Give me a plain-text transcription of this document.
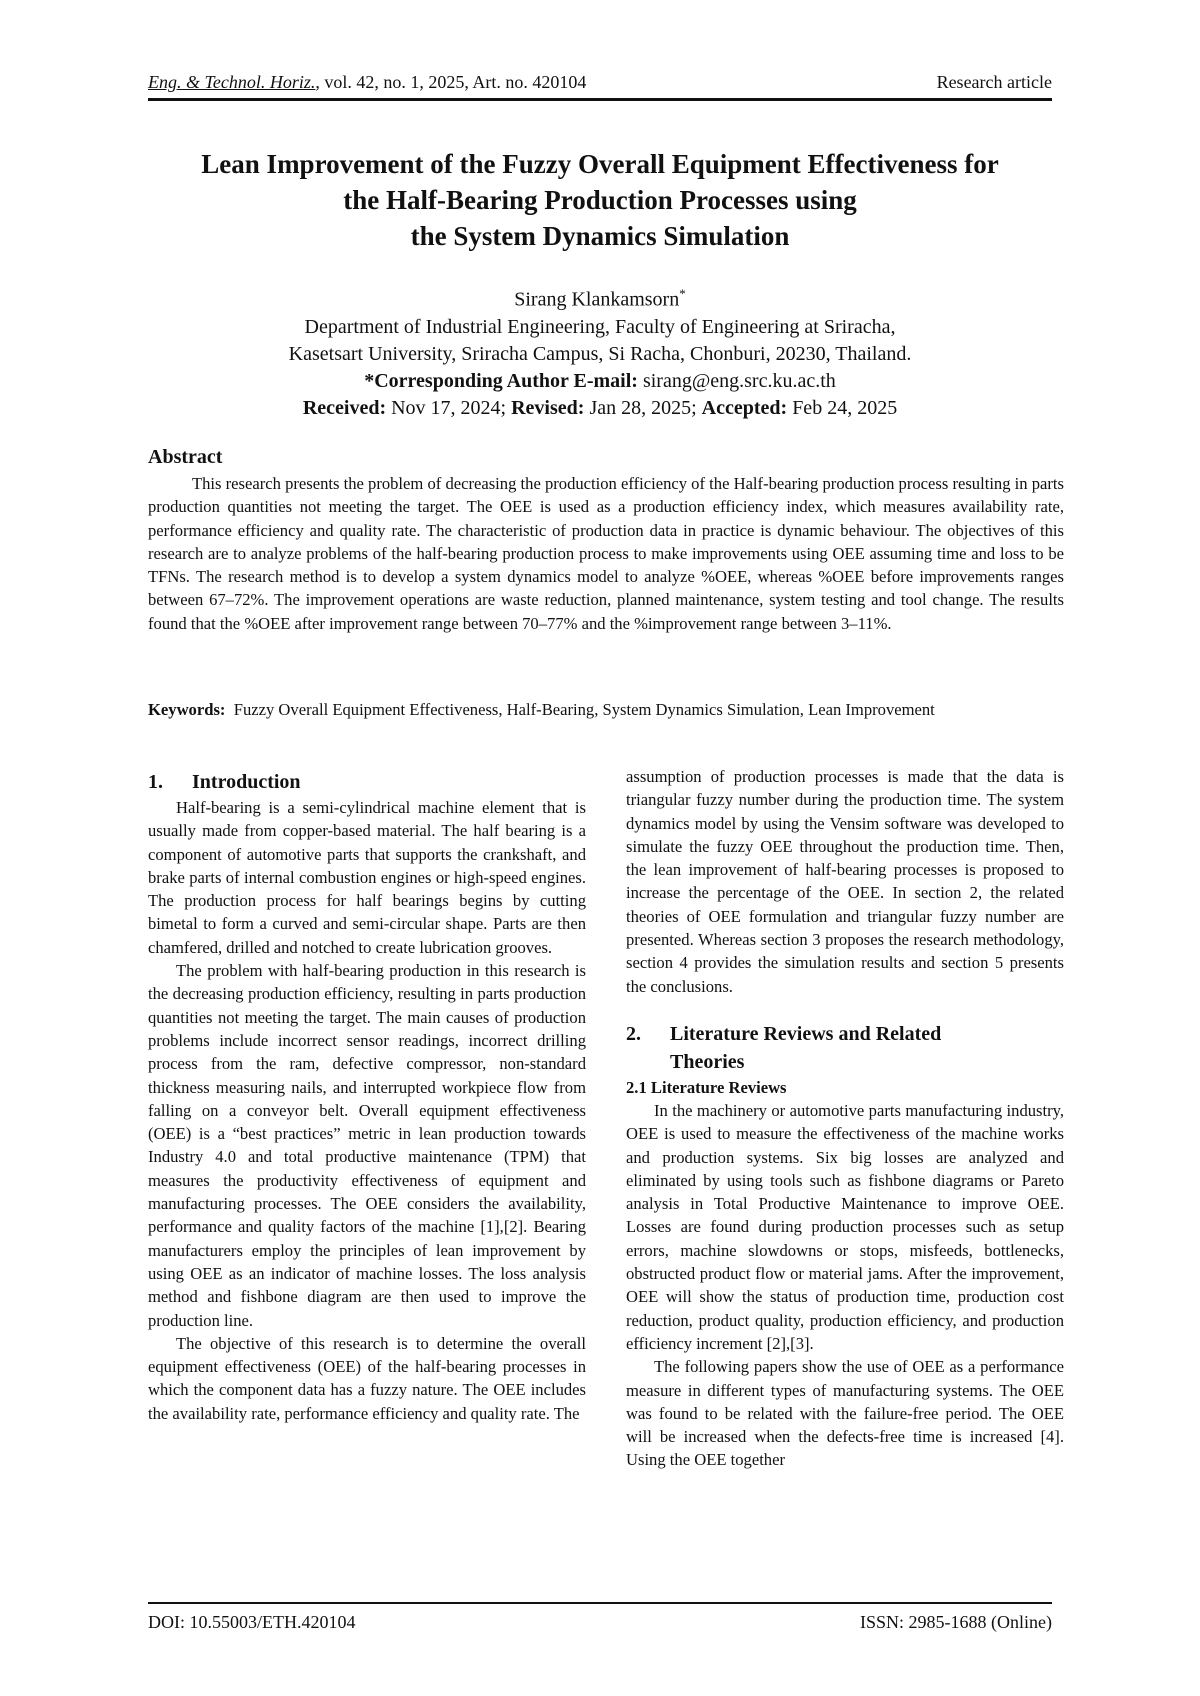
Eng. & Technol. Horiz., vol. 42, no. 1, 2025, Art. no. 420104	Research article
Lean Improvement of the Fuzzy Overall Equipment Effectiveness for
the Half-Bearing Production Processes using
the System Dynamics Simulation
Sirang Klankamsorn*
Department of Industrial Engineering, Faculty of Engineering at Sriracha,
Kasetsart University, Sriracha Campus, Si Racha, Chonburi, 20230, Thailand.
*Corresponding Author E-mail: sirang@eng.src.ku.ac.th
Received: Nov 17, 2024; Revised: Jan 28, 2025; Accepted: Feb 24, 2025
Abstract

This research presents the problem of decreasing the production efficiency of the Half-bearing production process resulting in parts production quantities not meeting the target. The OEE is used as a production efficiency index, which measures availability rate, performance efficiency and quality rate. The characteristic of production data in practice is dynamic behaviour. The objectives of this research are to analyze problems of the half-bearing production process to make improvements using OEE assuming time and loss to be TFNs. The research method is to develop a system dynamics model to analyze %OEE, whereas %OEE before improvements ranges between 67–72%. The improvement operations are waste reduction, planned maintenance, system testing and tool change. The results found that the %OEE after improvement range between 70–77% and the %improvement range between 3–11%.

Keywords: Fuzzy Overall Equipment Effectiveness, Half-Bearing, System Dynamics Simulation, Lean Improvement

1.	Introduction

Half-bearing is a semi-cylindrical machine element that is usually made from copper-based material. The half bearing is a component of automotive parts that supports the crankshaft, and brake parts of internal combustion engines or high-speed engines. The production process for half bearings begins by cutting bimetal to form a curved and semi-circular shape. Parts are then chamfered, drilled and notched to create lubrication grooves.

The problem with half-bearing production in this research is the decreasing production efficiency, resulting in parts production quantities not meeting the target. The main causes of production problems include incorrect sensor readings, incorrect drilling process from the ram, defective compressor, non-standard thickness measuring nails, and interrupted workpiece flow from falling on a conveyor belt. Overall equipment effectiveness (OEE) is a “best practices” metric in lean production towards Industry 4.0 and total productive maintenance (TPM) that measures the productivity effectiveness of equipment and manufacturing processes. The OEE considers the availability, performance and quality factors of the machine [1],[2]. Bearing manufacturers employ the principles of lean improvement by using OEE as an indicator of machine losses. The loss analysis method and fishbone diagram are then used to improve the production line.

The objective of this research is to determine the overall equipment effectiveness (OEE) of the half-bearing processes in which the component data has a fuzzy nature. The OEE includes the availability rate, performance efficiency and quality rate. The

assumption of production processes is made that the data is triangular fuzzy number during the production time. The system dynamics model by using the Vensim software was developed to simulate the fuzzy OEE throughout the production time. Then, the lean improvement of half-bearing processes is proposed to increase the percentage of the OEE. In section 2, the related theories of OEE formulation and triangular fuzzy number are presented. Whereas section 3 proposes the research methodology, section 4 provides the simulation results and section 5 presents the conclusions.

2.	Literature Reviews and Related
Theories

2.1 Literature Reviews

In the machinery or automotive parts manufacturing industry, OEE is used to measure the effectiveness of the machine works and production systems. Six big losses are analyzed and eliminated by using tools such as fishbone diagrams or Pareto analysis in Total Productive Maintenance to improve OEE. Losses are found during production processes such as setup errors, machine slowdowns or stops, misfeeds, bottlenecks, obstructed product flow or material jams. After the improvement, OEE will show the status of production time, production cost reduction, product quality, production efficiency, and production efficiency increment [2],[3].

The following papers show the use of OEE as a performance measure in different types of manufacturing systems. The OEE was found to be related with the failure-free period. The OEE will be increased when the defects-free time is increased [4]. Using the OEE together

DOI: 10.55003/ETH.420104	ISSN: 2985-1688 (Online)
